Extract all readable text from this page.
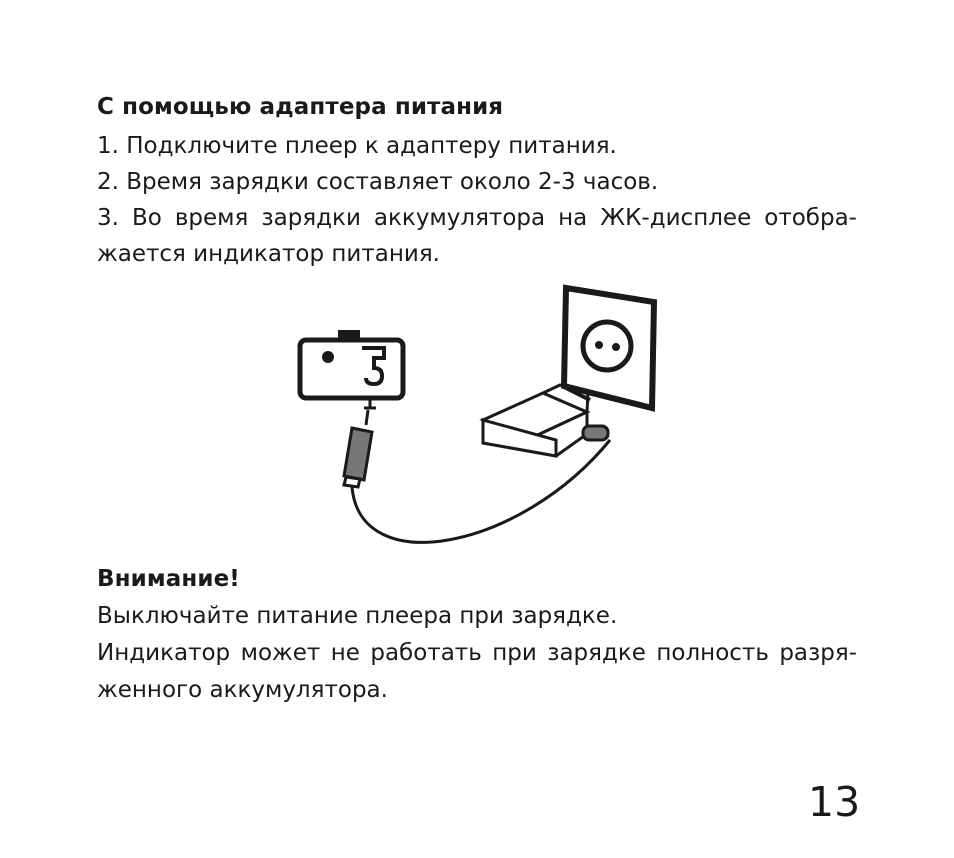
С помощью адаптера питания
1. Подключите плеер к адаптеру питания.
2. Время зарядки составляет около 2-3 часов.
3. Во время зарядки аккумулятора на ЖК-дисплее отобра-
жается индикатор питания.
Внимание!
Выключайте питание плеера при зарядке.
Индикатор может не работать при зарядке полность разря-
женного аккумулятора.
13
